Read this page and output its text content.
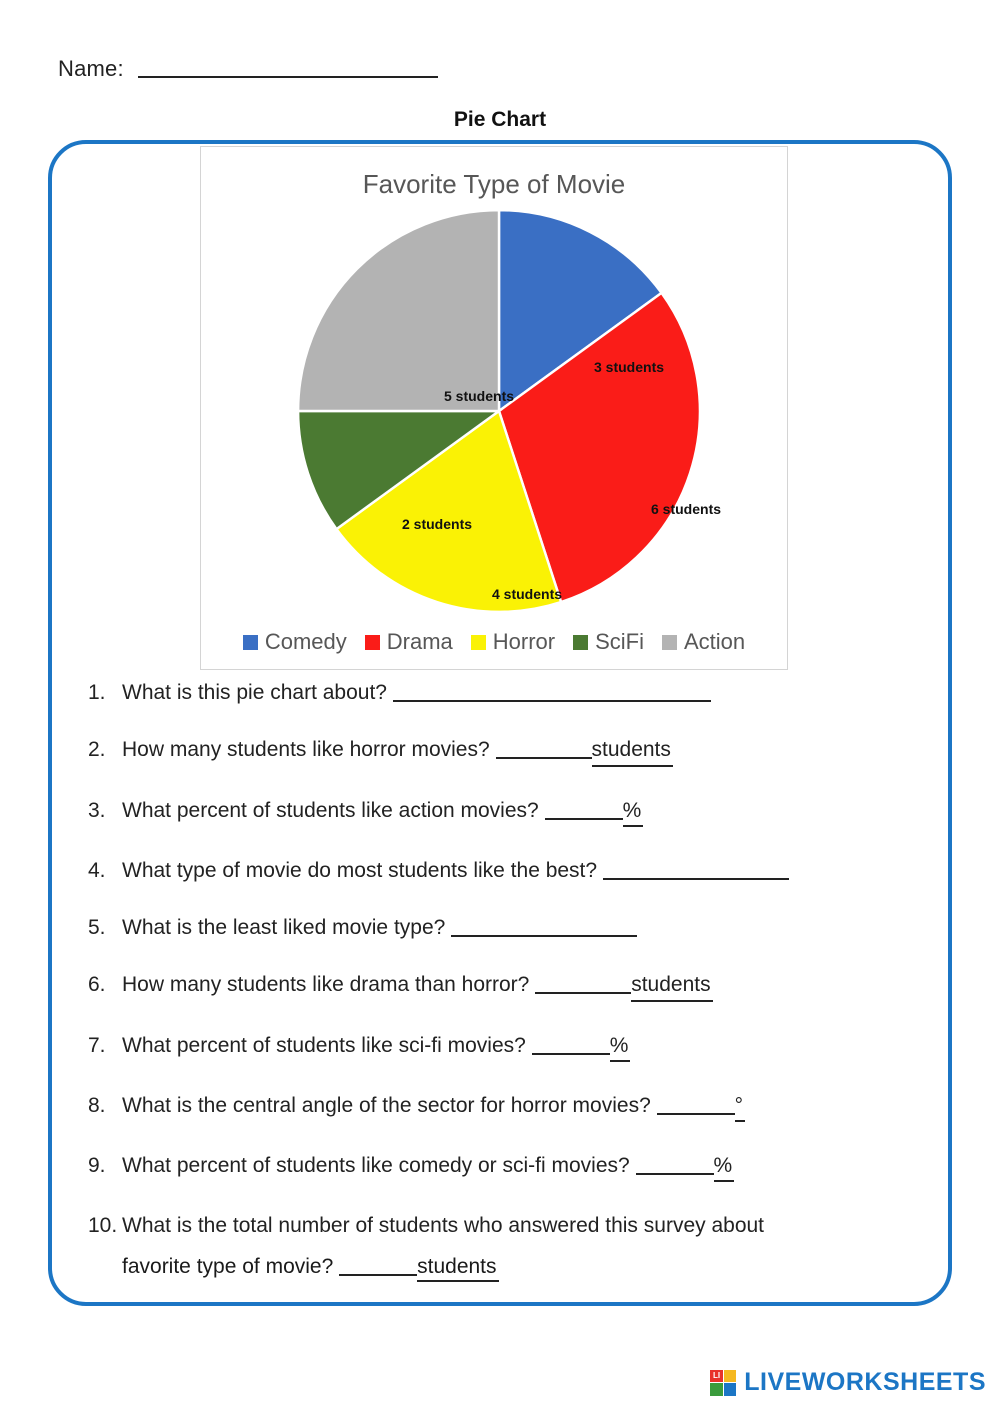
Name:
Pie Chart
Favorite Type of Movie
3 students
6 students
4 students
2 students
5 students
Comedy Drama Horror SciFi Action
1. What is this pie chart about?
2. How many students like horror movies?	students
3. What percent of students like action movies?	%
4. What type of movie do most students like the best?
5. What is the least liked movie type?
6. How many students like drama than horror?	students
7. What percent of students like sci-fi movies?	%
8. What is the central angle of the sector for horror movies?	°
9. What percent of students like comedy or sci-fi movies?	%
10. What is the total number of students who answered this survey about
favorite type of movie?	students
LI LIVEWORKSHEETS
